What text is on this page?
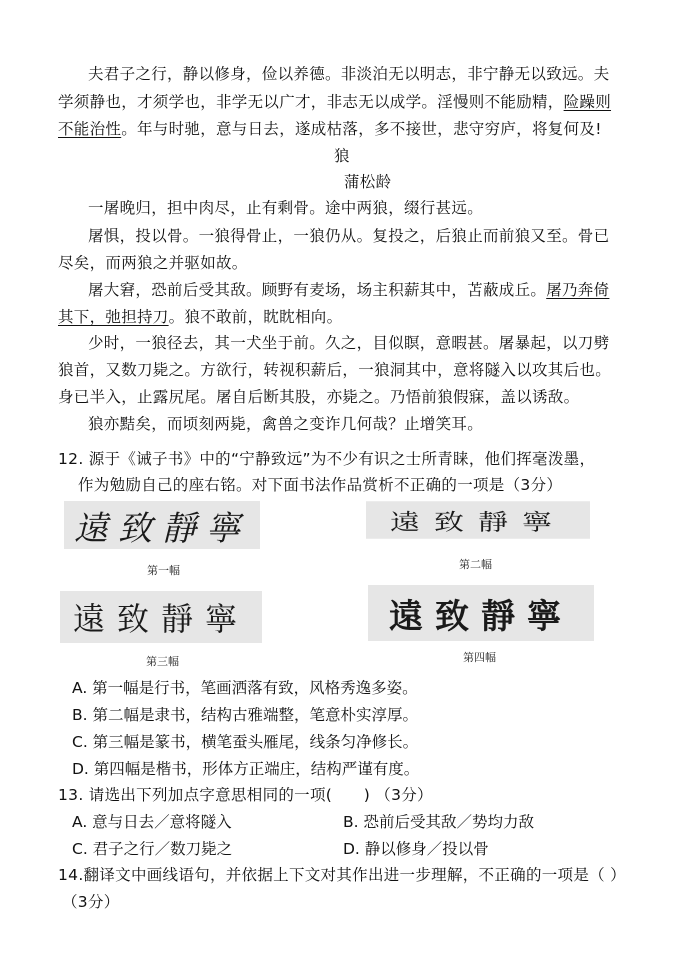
夫君子之行，静以修身，俭以养德。非淡泊无以明志，非宁静无以致远。夫
学须静也，才须学也，非学无以广才，非志无以成学。淫慢则不能励精，险躁则
不能治性。年与时驰，意与日去，遂成枯落，多不接世，悲守穷庐，将复何及!
狼
蒲松龄
一屠晚归，担中肉尽，止有剩骨。途中两狼，缀行甚远。
屠惧，投以骨。一狼得骨止，一狼仍从。复投之，后狼止而前狼又至。骨已
尽矣，而两狼之并驱如故。
屠大窘，恐前后受其敌。顾野有麦场，场主积薪其中，苫蔽成丘。屠乃奔倚
其下，弛担持刀。狼不敢前，眈眈相向。
少时，一狼径去，其一犬坐于前。久之，目似瞑，意暇甚。屠暴起，以刀劈
狼首，又数刀毙之。方欲行，转视积薪后，一狼洞其中，意将隧入以攻其后也。
身已半入，止露尻尾。屠自后断其股，亦毙之。乃悟前狼假寐，盖以诱敌。
狼亦黠矣，而顷刻两毙，禽兽之变诈几何哉？止增笑耳。
12. 源于《诫子书》中的“宁静致远”为不少有识之士所青睐，他们挥毫泼墨，
作为勉励自己的座右铭。对下面书法作品赏析不正确的一项是（3分）
遠致靜寧
第一幅
遠致靜寧
第二幅
遠致靜寧
第三幅
遠致靜寧
第四幅
A. 第一幅是行书，笔画洒落有致，风格秀逸多姿。
B. 第二幅是隶书，结构古雅端整，笔意朴实淳厚。
C. 第三幅是篆书，横笔蚕头雁尾，线条匀净修长。
D. 第四幅是楷书，形体方正端庄，结构严谨有度。
13. 请选出下列加点字意思相同的一项(　　) （3分）
A. 意与日去／意将隧入	B. 恐前后受其敌／势均力敌
C. 君子之行／数刀毙之	D. 静以修身／投以骨
14.翻译文中画线语句，并依据上下文对其作出进一步理解，不正确的一项是（ ）
（3分）
